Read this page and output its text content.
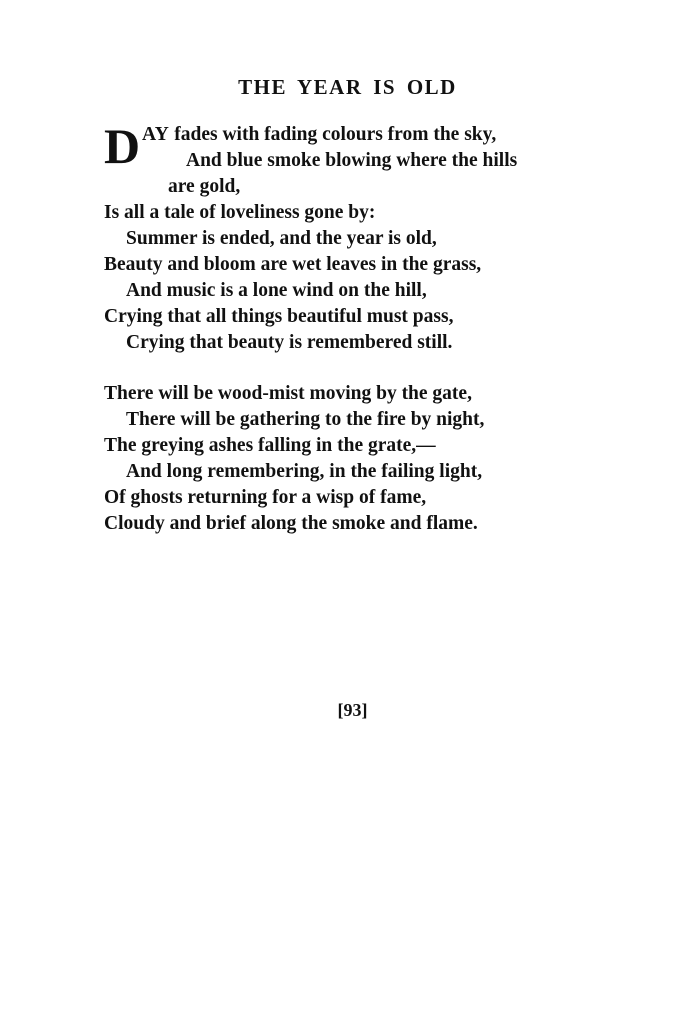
THE YEAR IS OLD
D AY fades with fading colours from the sky,
And blue smoke blowing where the hills
are gold,
Is all a tale of loveliness gone by:
Summer is ended, and the year is old,
Beauty and bloom are wet leaves in the grass,
And music is a lone wind on the hill,
Crying that all things beautiful must pass,
Crying that beauty is remembered still.
There will be wood-mist moving by the gate,
There will be gathering to the fire by night,
The greying ashes falling in the grate,—
And long remembering, in the failing light,
Of ghosts returning for a wisp of fame,
Cloudy and brief along the smoke and flame.
[93]
